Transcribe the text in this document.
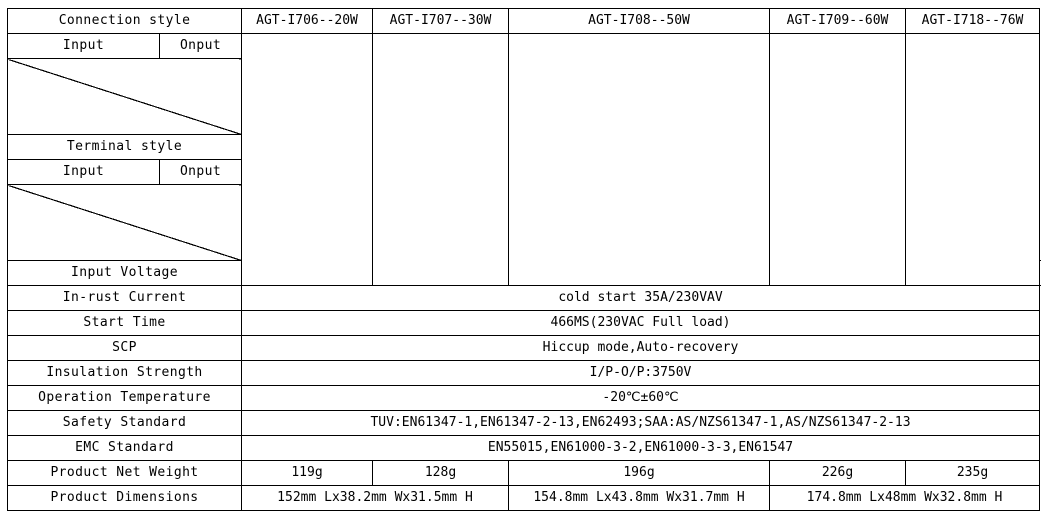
Connection style		AGT-I706--20W	AGT-I707--30W	AGT-I708--50W	AGT-I709--60W	AGT-I718--76W	
Input	Onput						

Terminal style							
Input	Onput						

Input Voltage	
In-rust Current		cold start 35A/230VAV					
Start Time		466MS(230VAC Full load)					
SCP		Hiccup mode,Auto-recovery					
Insulation Strength		I/P-O/P:3750V					
Operation Temperature		-20℃±60℃					
Safety Standard		TUV:EN61347-1,EN61347-2-13,EN62493;SAA:AS/NZS61347-1,AS/NZS61347-2-13					
EMC Standard		EN55015,EN61000-3-2,EN61000-3-3,EN61547					
Product Net Weight		119g	128g	196g	226g	235g	
Product Dimensions		152mm Lx38.2mm Wx31.5mm H		154.8mm Lx43.8mm Wx31.7mm H	174.8mm Lx48mm Wx32.8mm H		
